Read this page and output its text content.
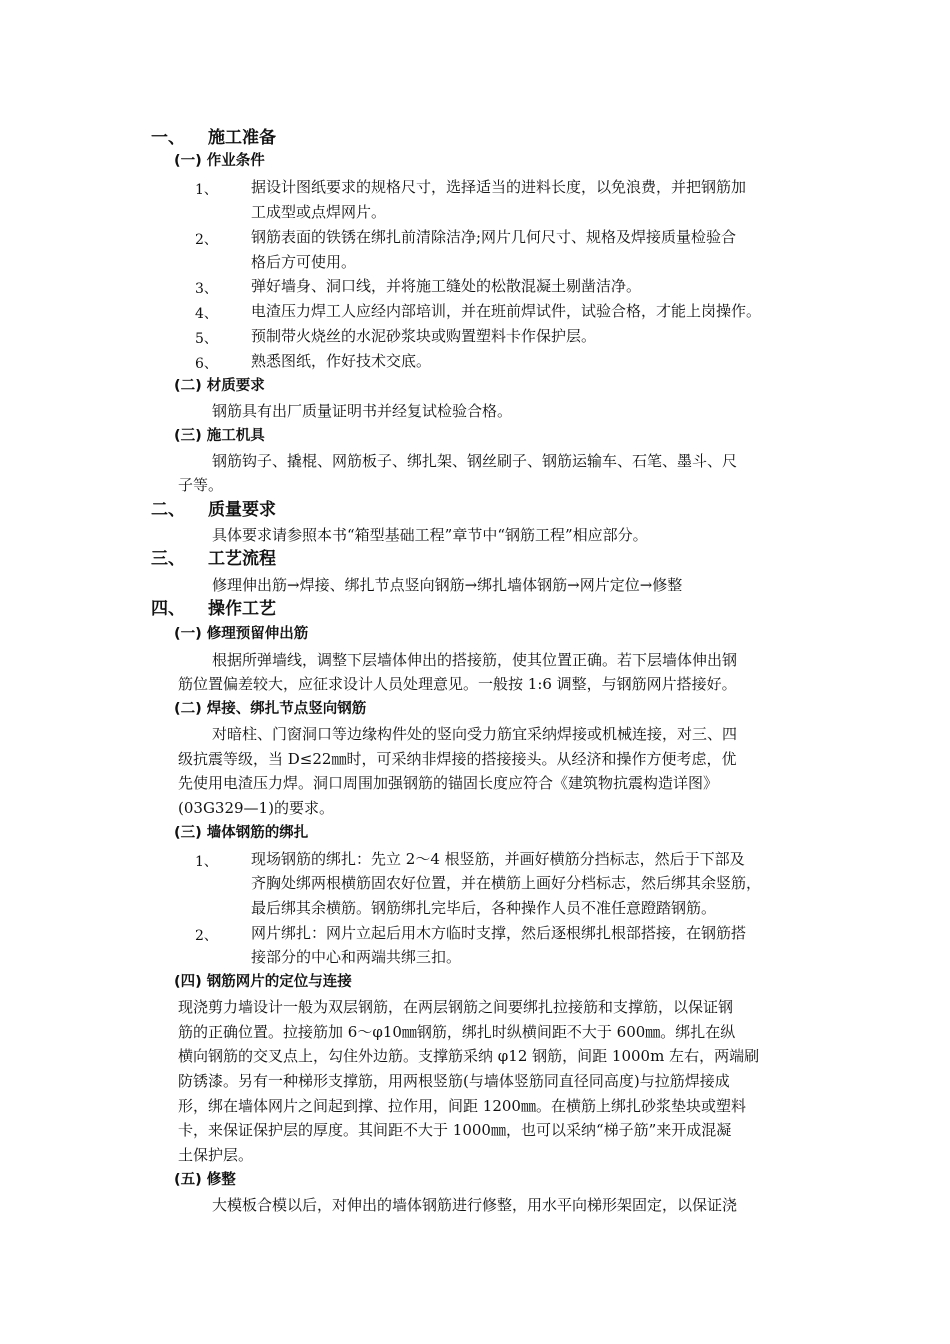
一、 施工准备
(一) 作业条件
1、 据设计图纸要求的规格尺寸，选择适当的进料长度，以免浪费，并把钢筋加
工成型或点焊网片。
2、 钢筋表面的铁锈在绑扎前清除洁净;网片几何尺寸、规格及焊接质量检验合
格后方可使用。
3、 弹好墙身、洞口线，并将施工缝处的松散混凝土剔凿洁净。
4、 电渣压力焊工人应经内部培训，并在班前焊试件，试验合格，才能上岗操作。
5、 预制带火烧丝的水泥砂浆块或购置塑料卡作保护层。
6、 熟悉图纸，作好技术交底。
(二) 材质要求
钢筋具有出厂质量证明书并经复试检验合格。
(三) 施工机具
钢筋钩子、撬棍、网筋板子、绑扎架、钢丝刷子、钢筋运输车、石笔、墨斗、尺
子等。
二、 质量要求
具体要求请参照本书“箱型基础工程”章节中“钢筋工程”相应部分。
三、 工艺流程
修理伸出筋→焊接、绑扎节点竖向钢筋→绑扎墙体钢筋→网片定位→修整
四、 操作工艺
(一) 修理预留伸出筋
根据所弹墙线，调整下层墙体伸出的搭接筋，使其位置正确。若下层墙体伸出钢
筋位置偏差较大，应征求设计人员处理意见。一般按 1:6 调整，与钢筋网片搭接好。
(二) 焊接、绑扎节点竖向钢筋
对暗柱、门窗洞口等边缘构件处的竖向受力筋宜采纳焊接或机械连接，对三、四
级抗震等级，当 D≤22㎜时，可采纳非焊接的搭接接头。从经济和操作方便考虑，优
先使用电渣压力焊。洞口周围加强钢筋的锚固长度应符合《建筑物抗震构造详图》
(03G329—1)的要求。
(三) 墙体钢筋的绑扎
1、 现场钢筋的绑扎：先立 2～4 根竖筋，并画好横筋分挡标志，然后于下部及
齐胸处绑两根横筋固农好位置，并在横筋上画好分档标志，然后绑其余竖筋，
最后绑其余横筋。钢筋绑扎完毕后，各种操作人员不准任意蹬踏钢筋。
2、 网片绑扎：网片立起后用木方临时支撑，然后逐根绑扎根部搭接，在钢筋搭
接部分的中心和两端共绑三扣。
(四) 钢筋网片的定位与连接
现浇剪力墙设计一般为双层钢筋，在两层钢筋之间要绑扎拉接筋和支撑筋，以保证钢
筋的正确位置。拉接筋加 6～φ10㎜钢筋，绑扎时纵横间距不大于 600㎜。绑扎在纵
横向钢筋的交叉点上，勾住外边筋。支撑筋采纳 φ12 钢筋，间距 1000m 左右，两端刷
防锈漆。另有一种梯形支撑筋，用两根竖筋(与墙体竖筋同直径同高度)与拉筋焊接成
形，绑在墙体网片之间起到撑、拉作用，间距 1200㎜。在横筋上绑扎砂浆垫块或塑料
卡，来保证保护层的厚度。其间距不大于 1000㎜，也可以采纳“梯子筋”来开成混凝
土保护层。
(五) 修整
大模板合模以后，对伸出的墙体钢筋进行修整，用水平向梯形架固定，以保证浇
